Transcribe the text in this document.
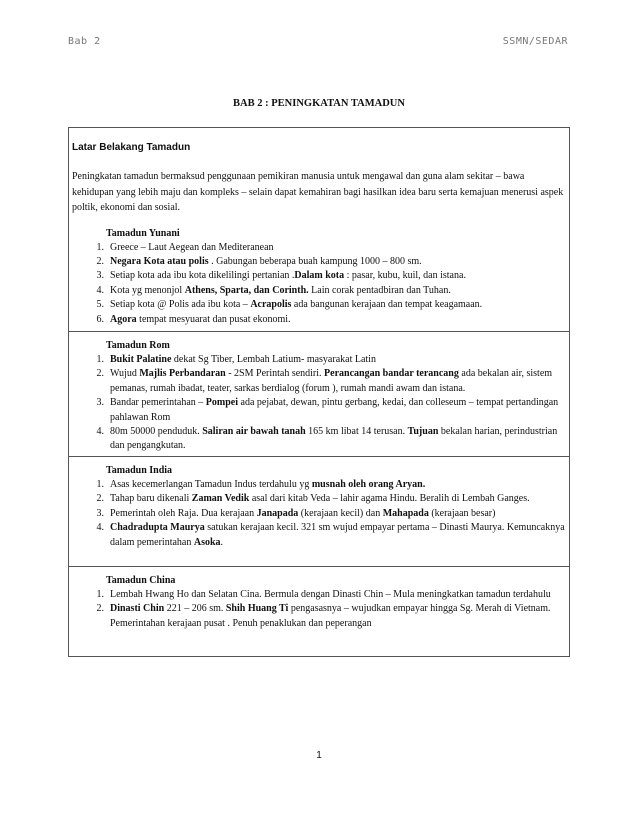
Bab 2	SSMN/SEDAR
BAB 2 : PENINGKATAN TAMADUN
Latar Belakang Tamadun

Peningkatan tamadun bermaksud penggunaan pemikiran manusia untuk mengawal dan guna alam sekitar – bawa kehidupan yang lebih maju dan kompleks – selain dapat kemahiran bagi hasilkan idea baru serta kemajuan menerusi aspek poltik, ekonomi dan sosial.

Tamadun Yunani
1. Greece – Laut Aegean dan Mediteranean
2. Negara Kota atau polis . Gabungan beberapa buah kampung 1000 – 800 sm.
3. Setiap kota ada ibu kota dikelilingi pertanian .Dalam kota : pasar, kubu, kuil, dan istana.
4. Kota yg menonjol Athens, Sparta, dan Corinth. Lain corak pentadbiran dan Tuhan.
5. Setiap kota @ Polis ada ibu kota – Acrapolis ada bangunan kerajaan dan tempat keagamaan.
6. Agora tempat mesyuarat dan pusat ekonomi.
Tamadun Rom
1. Bukit Palatine dekat Sg Tiber, Lembah Latium- masyarakat Latin
2. Wujud Majlis Perbandaran - 2SM Perintah sendiri. Perancangan bandar terancang ada bekalan air, sistem pemanas, rumah ibadat, teater, sarkas berdialog (forum ), rumah mandi awam dan istana.
3. Bandar pemerintahan – Pompei ada pejabat, dewan, pintu gerbang, kedai, dan colleseum – tempat pertandingan pahlawan Rom
4. 80m 50000 penduduk. Saliran air bawah tanah 165 km libat 14 terusan. Tujuan bekalan harian, perindustrian dan pengangkutan.
Tamadun India
1. Asas kecemerlangan Tamadun Indus terdahulu yg musnah oleh orang Aryan.
2. Tahap baru dikenali Zaman Vedik asal dari kitab Veda – lahir agama Hindu. Beralih di Lembah Ganges.
3. Pemerintah oleh Raja. Dua kerajaan Janapada (kerajaan kecil) dan Mahapada (kerajaan besar)
4. Chadradupta Maurya satukan kerajaan kecil. 321 sm wujud empayar pertama – Dinasti Maurya. Kemuncaknya dalam pemerintahan Asoka.
Tamadun China
1. Lembah Hwang Ho dan Selatan Cina. Bermula dengan Dinasti Chin – Mula meningkatkan tamadun terdahulu
2. Dinasti Chin 221 – 206 sm. Shih Huang Ti pengasasnya – wujudkan empayar hingga Sg. Merah di Vietnam. Pemerintahan kerajaan pusat . Penuh penaklukan dan peperangan
1
